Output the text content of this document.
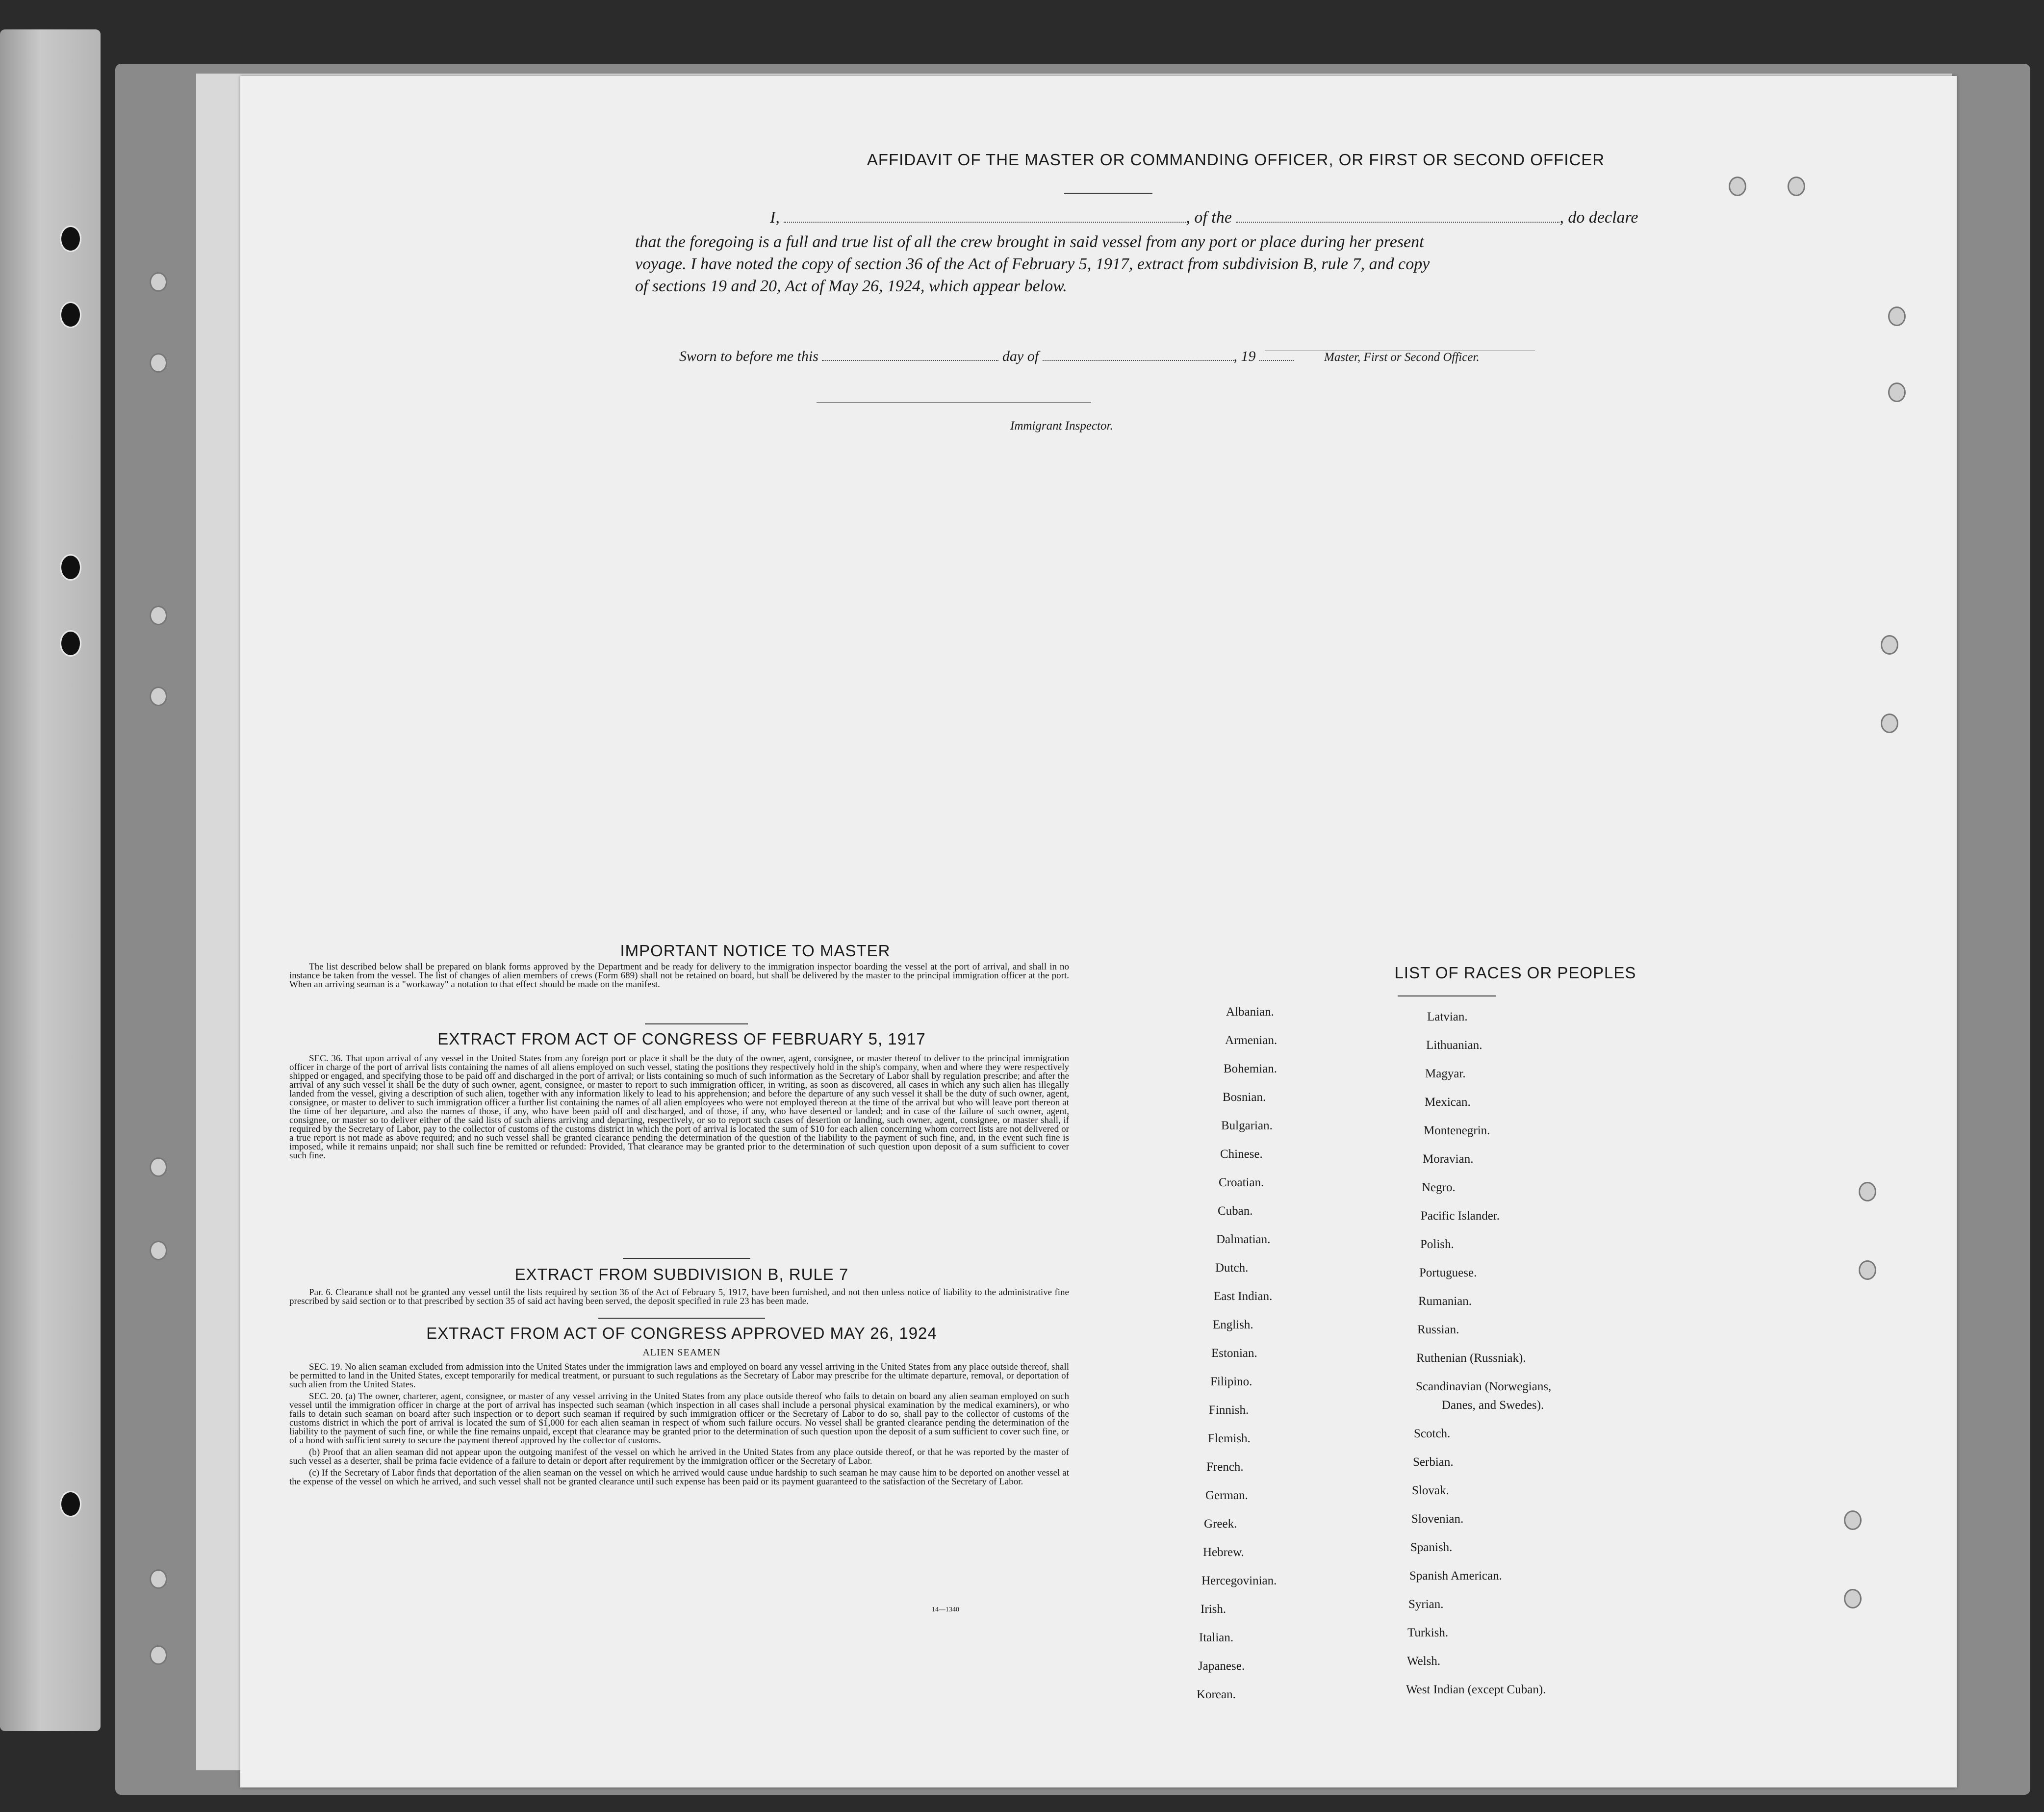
AFFIDAVIT OF THE MASTER OR COMMANDING OFFICER, OR FIRST OR SECOND OFFICER
I,	, of the	, do declare
that the foregoing is a full and true list of all the crew brought in said vessel from any port or place during her present
voyage. I have noted the copy of section 36 of the Act of February 5, 1917, extract from subdivision B, rule 7, and copy
of sections 19 and 20, Act of May 26, 1924, which appear below.
Sworn to before me this	day of	, 19	Master, First or Second Officer.
Immigrant Inspector.
IMPORTANT NOTICE TO MASTER

The list described below shall be prepared on blank forms approved by the Department and be ready for delivery to the immigration inspector boarding the vessel at the port of arrival, and shall in no instance be taken from the vessel. The list of changes of alien members of crews (Form 689) shall not be retained on board, but shall be delivered by the master to the principal immigration officer at the port. When an arriving seaman is a "workaway" a notation to that effect should be made on the manifest.

EXTRACT FROM ACT OF CONGRESS OF FEBRUARY 5, 1917

SEC. 36. That upon arrival of any vessel in the United States from any foreign port or place it shall be the duty of the owner, agent, consignee, or master thereof to deliver to the principal immigration officer in charge of the port of arrival lists containing the names of all aliens employed on such vessel, stating the positions they respectively hold in the ship's company, when and where they were respectively shipped or engaged, and specifying those to be paid off and discharged in the port of arrival; or lists containing so much of such information as the Secretary of Labor shall by regulation prescribe; and after the arrival of any such vessel it shall be the duty of such owner, agent, consignee, or master to report to such immigration officer, in writing, as soon as discovered, all cases in which any such alien has illegally landed from the vessel, giving a description of such alien, together with any information likely to lead to his apprehension; and before the departure of any such vessel it shall be the duty of such owner, agent, consignee, or master to deliver to such immigration officer a further list containing the names of all alien employees who were not employed thereon at the time of the arrival but who will leave port thereon at the time of her departure, and also the names of those, if any, who have been paid off and discharged, and of those, if any, who have deserted or landed; and in case of the failure of such owner, agent, consignee, or master so to deliver either of the said lists of such aliens arriving and departing, respectively, or so to report such cases of desertion or landing, such owner, agent, consignee, or master shall, if required by the Secretary of Labor, pay to the collector of customs of the customs district in which the port of arrival is located the sum of $10 for each alien concerning whom correct lists are not delivered or a true report is not made as above required; and no such vessel shall be granted clearance pending the determination of the question of the liability to the payment of such fine, and, in the event such fine is imposed, while it remains unpaid; nor shall such fine be remitted or refunded: Provided, That clearance may be granted prior to the determination of such question upon deposit of a sum sufficient to cover such fine.

EXTRACT FROM SUBDIVISION B, RULE 7

Par. 6. Clearance shall not be granted any vessel until the lists required by section 36 of the Act of February 5, 1917, have been furnished, and not then unless notice of liability to the administrative fine prescribed by said section or to that prescribed by section 35 of said act having been served, the deposit specified in rule 23 has been made.

EXTRACT FROM ACT OF CONGRESS APPROVED MAY 26, 1924
ALIEN SEAMEN

SEC. 19. No alien seaman excluded from admission into the United States under the immigration laws and employed on board any vessel arriving in the United States from any place outside thereof, shall be permitted to land in the United States, except temporarily for medical treatment, or pursuant to such regulations as the Secretary of Labor may prescribe for the ultimate departure, removal, or deportation of such alien from the United States.

SEC. 20. (a) The owner, charterer, agent, consignee, or master of any vessel arriving in the United States from any place outside thereof who fails to detain on board any alien seaman employed on such vessel until the immigration officer in charge at the port of arrival has inspected such seaman (which inspection in all cases shall include a personal physical examination by the medical examiners), or who fails to detain such seaman on board after such inspection or to deport such seaman if required by such immigration officer or the Secretary of Labor to do so, shall pay to the collector of customs of the customs district in which the port of arrival is located the sum of $1,000 for each alien seaman in respect of whom such failure occurs. No vessel shall be granted clearance pending the determination of the liability to the payment of such fine, or while the fine remains unpaid, except that clearance may be granted prior to the determination of such question upon the deposit of a sum sufficient to cover such fine, or of a bond with sufficient surety to secure the payment thereof approved by the collector of customs.

(b) Proof that an alien seaman did not appear upon the outgoing manifest of the vessel on which he arrived in the United States from any place outside thereof, or that he was reported by the master of such vessel as a deserter, shall be prima facie evidence of a failure to detain or deport after requirement by the immigration officer or the Secretary of Labor.

(c) If the Secretary of Labor finds that deportation of the alien seaman on the vessel on which he arrived would cause undue hardship to such seaman he may cause him to be deported on another vessel at the expense of the vessel on which he arrived, and such vessel shall not be granted clearance until such expense has been paid or its payment guaranteed to the satisfaction of the Secretary of Labor.

14—1340
LIST OF RACES OR PEOPLES
Albanian.
Armenian.
Bohemian.
Bosnian.
Bulgarian.
Chinese.
Croatian.
Cuban.
Dalmatian.
Dutch.
East Indian.
English.
Estonian.
Filipino.
Finnish.
Flemish.
French.
German.
Greek.
Hebrew.
Hercegovinian.
Irish.
Italian.
Japanese.
Korean.
Latvian.
Lithuanian.
Magyar.
Mexican.
Montenegrin.
Moravian.
Negro.
Pacific Islander.
Polish.
Portuguese.
Rumanian.
Russian.
Ruthenian (Russniak).
Scandinavian (Norwegians,
Danes, and Swedes).
Scotch.
Serbian.
Slovak.
Slovenian.
Spanish.
Spanish American.
Syrian.
Turkish.
Welsh.
West Indian (except Cuban).
